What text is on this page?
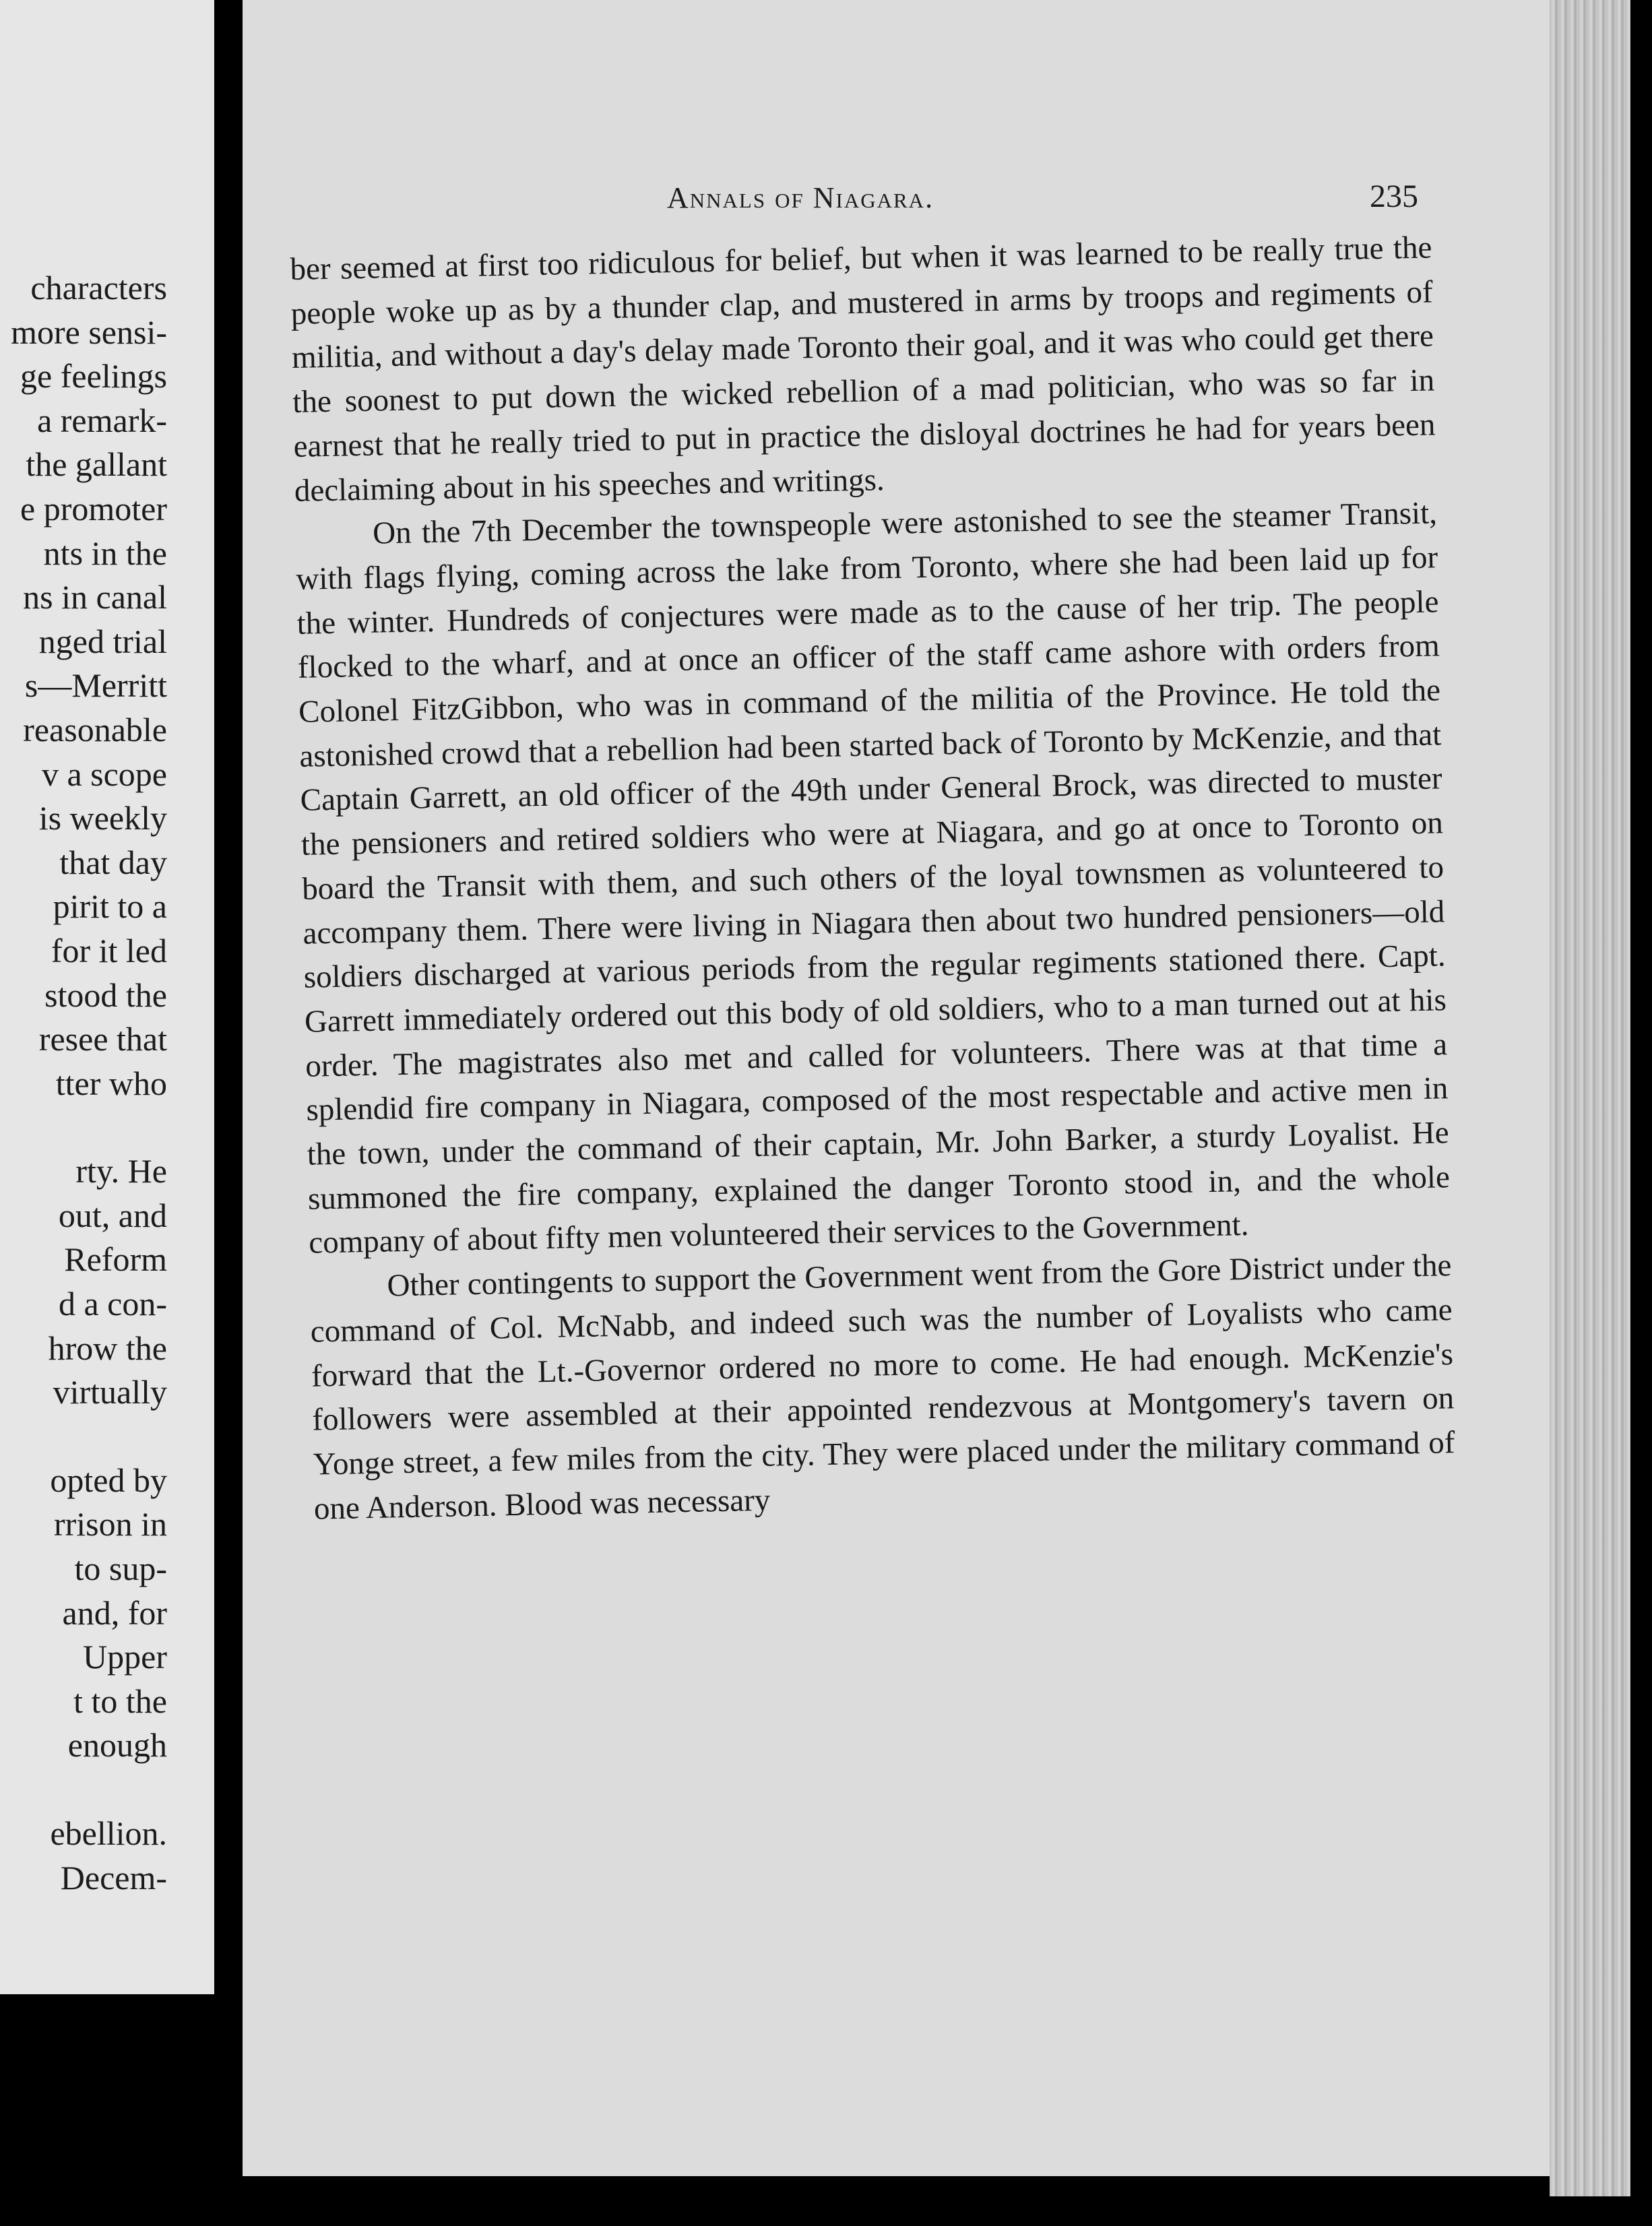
characters
more sensi-
ge feelings
a remark-
the gallant
e promoter
nts in the
ns in canal
nged trial
s—Merritt
reasonable
v a scope
is weekly
that day
pirit to a
for it led
stood the
resee that
tter who
rty. He
out, and
Reform
d a con-
hrow the
virtually
opted by
rrison in
to sup-
and, for
Upper
t to the
enough
ebellion.
Decem-
Annals of Niagara.	235

ber seemed at first too ridiculous for belief, but when it was learned to be really true the people woke up as by a thunder clap, and mustered in arms by troops and regiments of militia, and without a day's delay made Toronto their goal, and it was who could get there the soonest to put down the wicked rebellion of a mad politician, who was so far in earnest that he really tried to put in practice the disloyal doctrines he had for years been declaiming about in his speeches and writings.

On the 7th December the townspeople were astonished to see the steamer Transit, with flags flying, coming across the lake from Toronto, where she had been laid up for the winter. Hundreds of conjectures were made as to the cause of her trip. The people flocked to the wharf, and at once an officer of the staff came ashore with orders from Colonel FitzGibbon, who was in command of the militia of the Province. He told the astonished crowd that a rebellion had been started back of Toronto by McKenzie, and that Captain Garrett, an old officer of the 49th under General Brock, was directed to muster the pensioners and retired soldiers who were at Niagara, and go at once to Toronto on board the Transit with them, and such others of the loyal townsmen as volunteered to accompany them. There were living in Niagara then about two hundred pensioners—old soldiers discharged at various periods from the regular regiments stationed there. Capt. Garrett immediately ordered out this body of old soldiers, who to a man turned out at his order. The magistrates also met and called for volunteers. There was at that time a splendid fire company in Niagara, composed of the most respectable and active men in the town, under the command of their captain, Mr. John Barker, a sturdy Loyalist. He summoned the fire company, explained the danger Toronto stood in, and the whole company of about fifty men volunteered their services to the Government.

Other contingents to support the Government went from the Gore District under the command of Col. McNabb, and indeed such was the number of Loyalists who came forward that the Lt.-Governor ordered no more to come. He had enough. McKenzie's followers were assembled at their appointed rendezvous at Montgomery's tavern on Yonge street, a few miles from the city. They were placed under the military command of one Anderson. Blood was necessary
